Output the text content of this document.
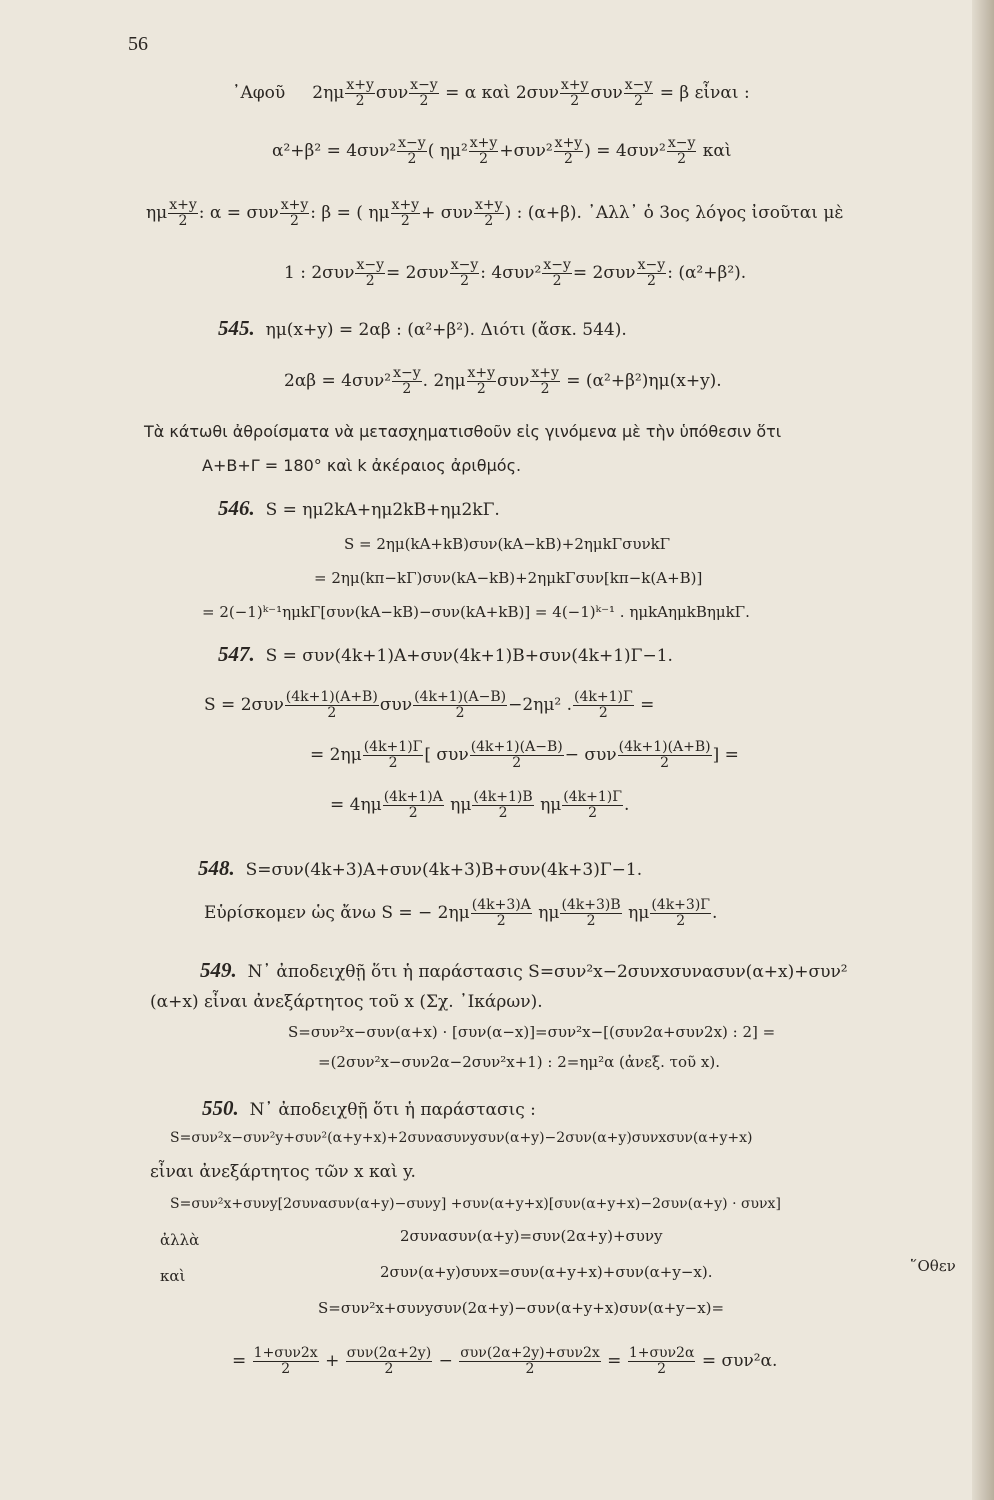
56
᾿Αφοῦ $2\eta\mu \frac{x+y}{2}$ συν $\frac{x-y}{2} = \alpha$ καὶ $2\sigma\upsilon\nu \frac{x+y}{2}$ συν $\frac{x-y}{2} = \beta$ εἶναι :
$\alpha^2+\beta^2 = 4\sigma\upsilon\nu^2 \frac{x-y}{2}$ ( $\eta\mu^2 \frac{x+y}{2} +\sigma\upsilon\nu^2 \frac{x+y}{2}$ ) = $4\sigma\upsilon\nu^2 \frac{x-y}{2}$ καὶ
ημ $\frac{x+y}{2}$ : α = συν $\frac{x+y}{2}$ : β = ( ημ $\frac{x+y}{2} + \sigma\upsilon\nu \frac{x+y}{2}$ ) : (α+β). ᾿Αλλ᾿ ὁ 3ος λόγος ἰσοῦται μὲ
1 : $2\sigma\upsilon\nu \frac{x-y}{2} = 2\sigma\upsilon\nu \frac{x-y}{2}$ : $4\sigma\upsilon\nu^2 \frac{x-y}{2} = 2\sigma\upsilon\nu \frac{x-y}{2}$ : (α²+β²).
545. ημ(x+y) = 2αβ : (α²+β²). Διότι (ἄσκ. 544).
$2\alpha\beta = 4\sigma\upsilon\nu^2 \frac{x-y}{2}$ . $2\eta\mu \frac{x+y}{2}$ συν $\frac{x+y}{2} = (\alpha^2+\beta^2)\eta\mu(x+y)$.
Τὰ κάτωθι ἀθροίσματα νὰ μετασχηματισθοῦν εἰς γινόμενα μὲ τὴν ὑπόθεσιν ὅτι
Α+Β+Γ = 180° καὶ k ἀκέραιος ἀριθμός.
546. S = ημ2kA+ημ2kB+ημ2kΓ.
S = 2ημ(kA+kB)συν(kA−kB)+2ημkΓσυνkΓ
= 2ημ(kπ−kΓ)συν(kA−kB)+2ημkΓσυν[kπ−k(A+B)]
= 2(−1)ᵏ⁻¹ημkΓ[συν(kA−kB)−συν(kA+kB)] = 4(−1)ᵏ⁻¹ . ημkAημkBημkΓ.
547. S = συν(4k+1)A+συν(4k+1)B+συν(4k+1)Γ−1.
$S = 2\sigma\upsilon\nu \frac{(4k+1)(A+B)}{2}$ συν $\frac{(4k+1)(A-B)}{2} -2\eta\mu^2$ . $\frac{(4k+1)\Gamma}{2}$ =
= $2\eta\mu \frac{(4k+1)\Gamma}{2}$ [ συν $\frac{(4k+1)(A-B)}{2} - \sigma\upsilon\nu \frac{(4k+1)(A+B)}{2}$ ] =
= $4\eta\mu \frac{(4k+1)A}{2}$ ημ $\frac{(4k+1)B}{2}$ ημ $\frac{(4k+1)\Gamma}{2}$ .
548. S=συν(4k+3)A+συν(4k+3)B+συν(4k+3)Γ−1.
Εὑρίσκομεν ὡς ἄνω S = − $2\eta\mu \frac{(4k+3)A}{2}$ ημ $\frac{(4k+3)B}{2}$ ημ $\frac{(4k+3)\Gamma}{2}$ .
549. N᾿ ἀποδειχθῇ ὅτι ἡ παράστασις S=συν²x−2συνxσυνασυν(α+x)+συν²
(α+x) εἶναι ἀνεξάρτητος τοῦ x (Σχ. ᾿Ικάρων).
S=συν²x−συν(α+x) · [συν(α−x)]=συν²x−[(συν2α+συν2x) : 2] =
=(2συν²x−συν2α−2συν²x+1) : 2=ημ²α (ἀνεξ. τοῦ x).
550. N᾿ ἀποδειχθῇ ὅτι ἡ παράστασις :
S=συν²x−συν²y+συν²(α+y+x)+2συνασυνyσυν(α+y)−2συν(α+y)συνxσυν(α+y+x)
εἶναι ἀνεξάρτητος τῶν x καὶ y.
S=συν²x+συνy[2συνασυν(α+y)−συνy] +συν(α+y+x)[συν(α+y+x)−2συν(α+y) · συνx]
ἀλλὰ	2συνασυν(α+y)=συν(2α+y)+συνy
καὶ	2συν(α+y)συνx=συν(α+y+x)+συν(α+y−x).	῞Οθεν
S=συν²x+συνyσυν(2α+y)−συν(α+y+x)συν(α+y−x)=
= $\frac{\text{1+συν2x}}{2} + \frac{\text{συν(2α+2y)}}{2} - \frac{\text{συν(2α+2y)+συν2x}}{2} = \frac{\text{1+συν2α}}{2} = \sigma\upsilon\nu^2\alpha$.
